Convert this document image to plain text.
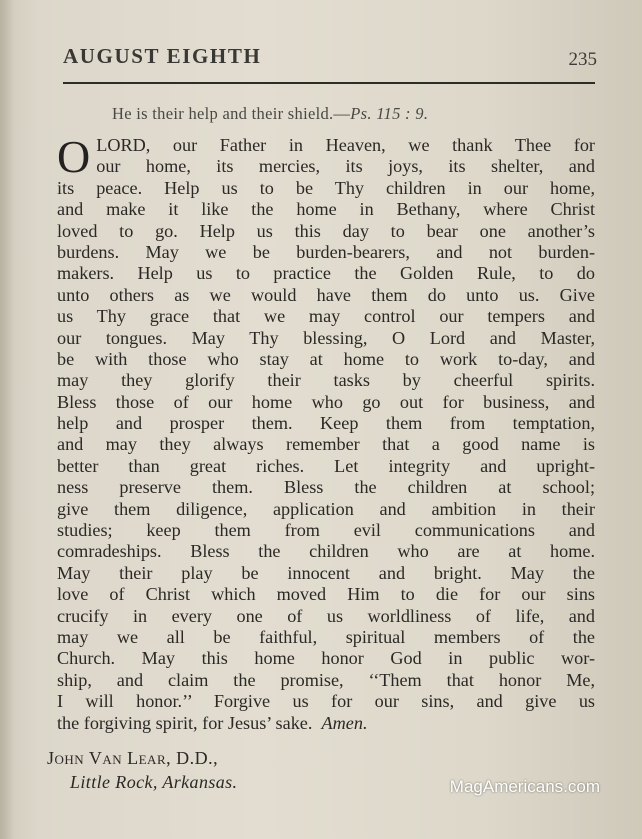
AUGUST EIGHTH	235
He is their help and their shield.—Ps. 115 : 9.
O LORD, our Father in Heaven, we thank Thee for
our home, its mercies, its joys, its shelter, and
its peace. Help us to be Thy children in our home,
and make it like the home in Bethany, where Christ
loved to go. Help us this day to bear one another’s
burdens. May we be burden-bearers, and not burden-
makers. Help us to practice the Golden Rule, to do
unto others as we would have them do unto us. Give
us Thy grace that we may control our tempers and
our tongues. May Thy blessing, O Lord and Master,
be with those who stay at home to work to-day, and
may they glorify their tasks by cheerful spirits.
Bless those of our home who go out for business, and
help and prosper them. Keep them from temptation,
and may they always remember that a good name is
better than great riches. Let integrity and upright-
ness preserve them. Bless the children at school;
give them diligence, application and ambition in their
studies; keep them from evil communications and
comradeships. Bless the children who are at home.
May their play be innocent and bright. May the
love of Christ which moved Him to die for our sins
crucify in every one of us worldliness of life, and
may we all be faithful, spiritual members of the
Church. May this home honor God in public wor-
ship, and claim the promise, ‘‘Them that honor Me,
I will honor.’’ Forgive us for our sins, and give us
the forgiving spirit, for Jesus’ sake. Amen.
John Van Lear, D.D.,
Little Rock, Arkansas.	MagAmericans.com
